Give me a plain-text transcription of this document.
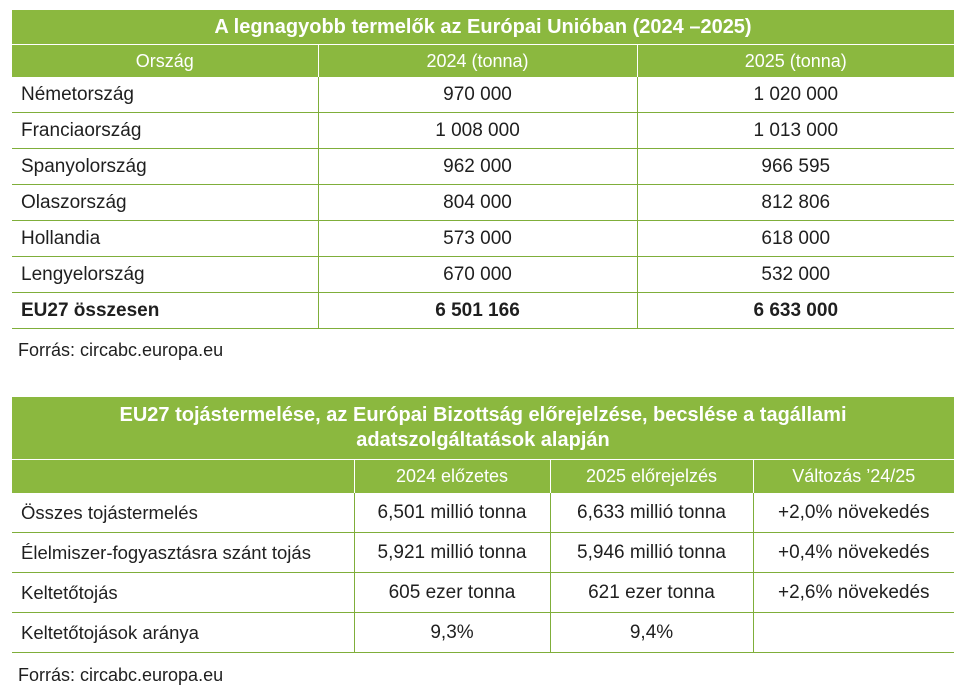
A legnagyobb termelők az Európai Unióban (2024 –2025)		
Ország	2024 (tonna)	2025 (tonna)
Németország	970 000	1 020 000
Franciaország	1 008 000	1 013 000
Spanyolország	962 000	966 595
Olaszország	804 000	812 806
Hollandia	573 000	618 000
Lengyelország	670 000	532 000
EU27 összesen	6 501 166	6 633 000
Forrás: circabc.europa.eu
EU27 tojástermelése, az Európai Bizottság előrejelzése, becslése a tagállami adatszolgáltatások alapján			
	2024 előzetes	2025 előrejelzés	Változás ’24/25
Összes tojástermelés	6,501 millió tonna	6,633 millió tonna	+2,0% növekedés
Élelmiszer-fogyasztásra szánt tojás	5,921 millió tonna	5,946 millió tonna	+0,4% növekedés
Keltetőtojás	605 ezer tonna	621 ezer tonna	+2,6% növekedés
Keltetőtojások aránya	9,3%	9,4%	
Forrás: circabc.europa.eu
